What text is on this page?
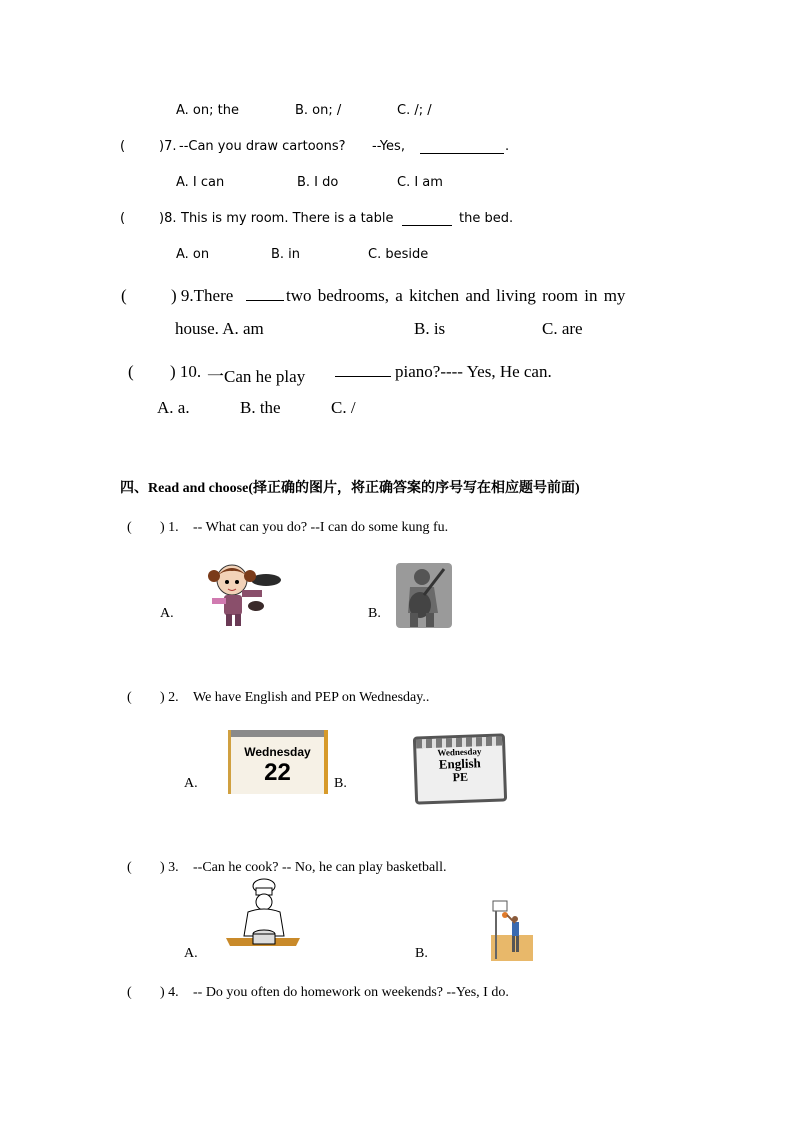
A. on; the	B. on; /	C. /; /
(	)7. --Can you draw cartoons? --Yes,	.
A. I can	B. I do	C. I am
(	)8. This is my room. There is a table	the bed.
A. on	B. in	C. beside
(	) 9.There	two bedrooms, a kitchen and living room in my
house. A. am	B. is	C. are
( ) 10. 一Can he play	piano?---- Yes, He can.
A. a.	B. the	C. /
四、Read and choose(择正确的图片，将正确答案的序号写在相应题号前面)
( ) 1. -- What can you do? --I can do some kung fu.
A.	B.
( ) 2. We have English and PEP on Wednesday..
A.
Wednesday
22	B.
Wednesday
English
PE
( ) 3. --Can he cook? -- No, he can play basketball.
A.	B.
( ) 4. -- Do you often do homework on weekends? --Yes, I do.
